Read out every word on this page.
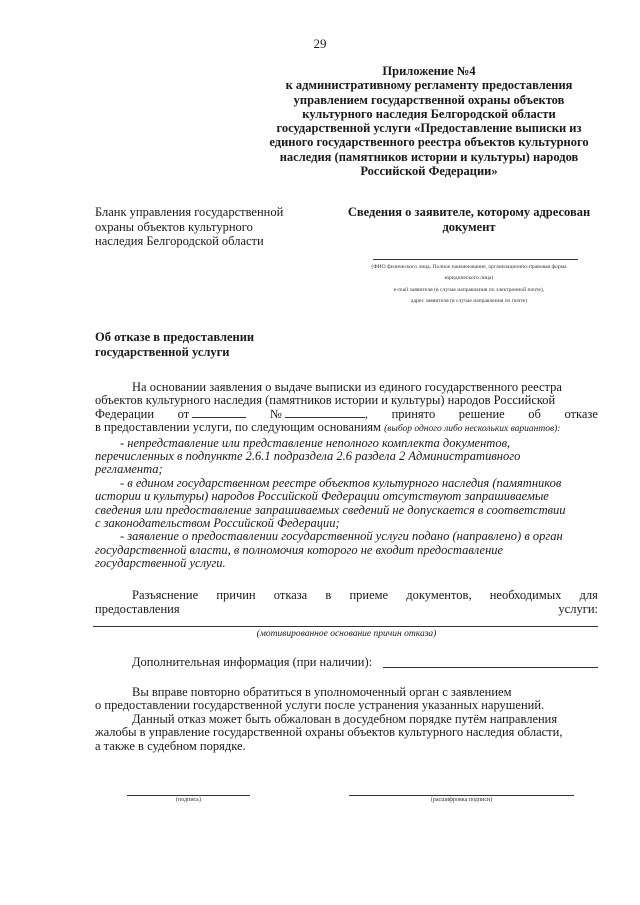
29
Приложение №4
к административному регламенту предоставления
управлением государственной охраны объектов
культурного наследия Белгородской области
государственной услуги «Предоставление выписки из
единого государственного реестра объектов культурного
наследия (памятников истории и культуры) народов
Российской Федерации»
Бланк управления государственной
охраны объектов культурного
наследия Белгородской области
Сведения о заявителе, которому адресован
документ
(ФИО физического лица, Полное наименование, организационно-правовая форма
юридического лица)
e-mail заявителя (в случае направления по электронной почте),
адрес заявителя (в случае направления по почте)
Об отказе в предоставлении
государственной услуги
На основании заявления о выдаче выписки из единого государственного реестра
объектов культурного наследия (памятников истории и культуры) народов Российской
Федерации от	№	, принято решение об отказе
в предоставлении услуги, по следующим основаниям (выбор одного либо нескольких вариантов):
- непредставление или представление неполного комплекта документов,
перечисленных в подпункте 2.6.1 подраздела 2.6 раздела 2 Административного
регламента;
- в едином государственном реестре объектов культурного наследия (памятников
истории и культуры) народов Российской Федерации отсутствуют запрашиваемые
сведения или предоставление запрашиваемых сведений не допускается в соответствии
с законодательством Российской Федерации;
- заявление о предоставлении государственной услуги подано (направлено) в орган
государственной власти, в полномочия которого не входит предоставление
государственной услуги.
Разъяснение причин отказа в приеме документов, необходимых для
предоставления	услуги:
(мотивированное основание причин отказа)
Дополнительная информация (при наличии):
Вы вправе повторно обратиться в уполномоченный орган с заявлением
о предоставлении государственной услуги после устранения указанных нарушений.
Данный отказ может быть обжалован в досудебном порядке путём направления
жалобы в управление государственной охраны объектов культурного наследия области,
а также в судебном порядке.
(подпись)	(расшифровка подписи)
